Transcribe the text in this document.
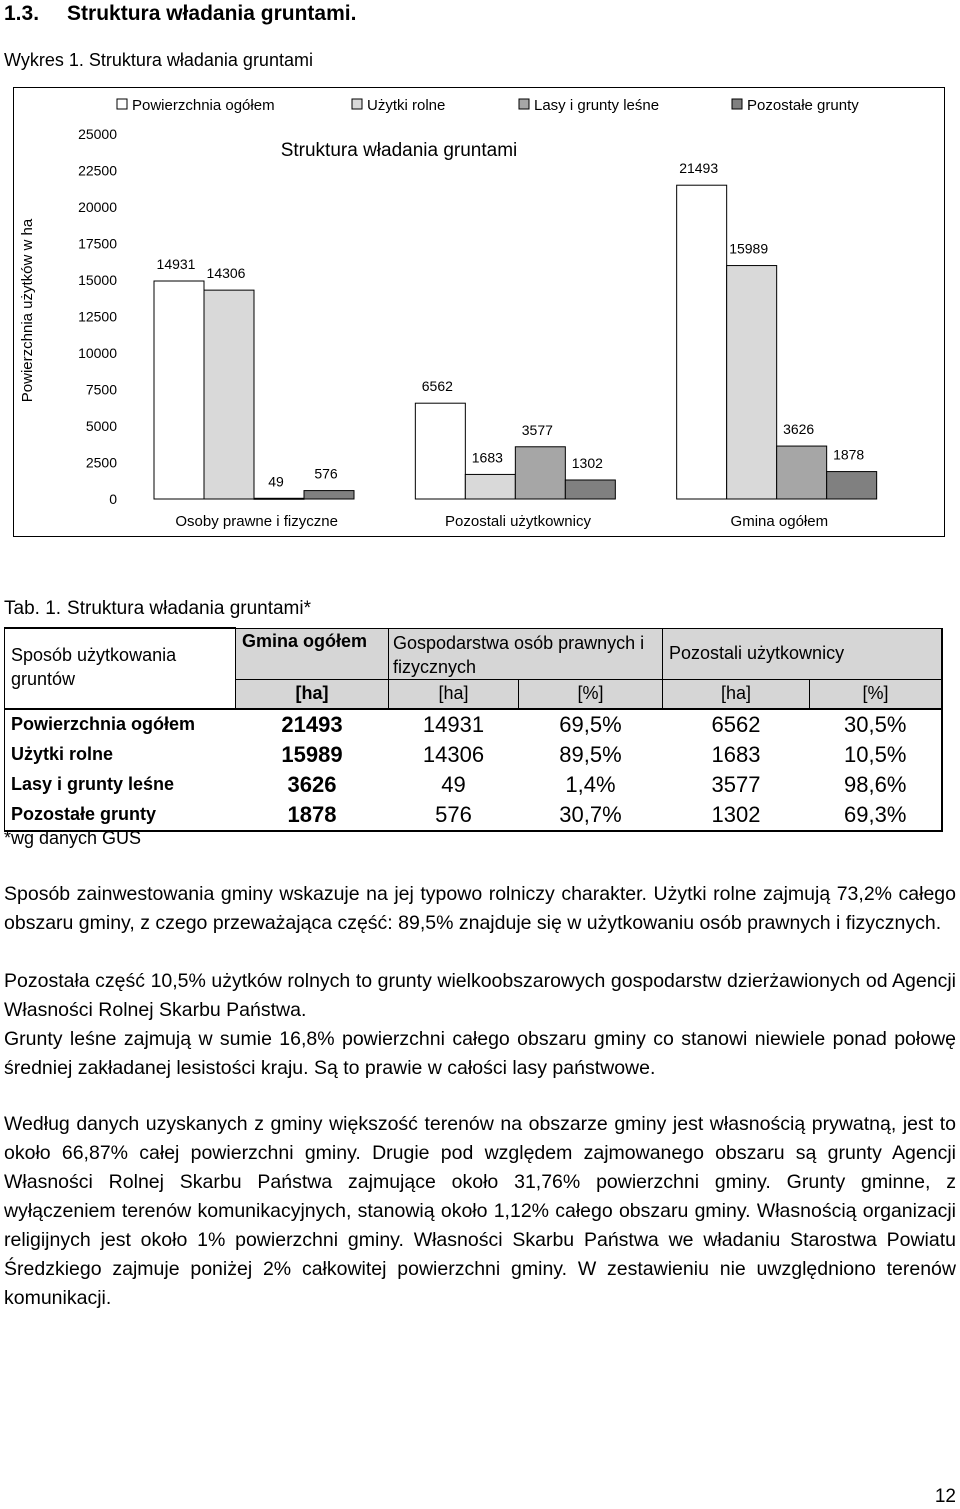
1.3. Struktura władania gruntami.

Wykres 1. Struktura władania gruntami

0
2500
5000
7500
10000
12500
15000
17500
20000
22500
25000
Powierzchnia użytków w ha	14931
14306
49 576
Osoby prawne i fizyczne
6562
1683
3577
1302
Pozostali użytkownicy
21493
15989
3626
1878
Gmina ogółem
Struktura władania gruntami
Powierzchnia ogółem	Użytki rolne	Lasy i grunty leśne	Pozostałe grunty

Tab. 1. Struktura władania gruntami*

Sposób użytkowania gruntów	Gmina ogółem	Gospodarstwa osób prawnych i fizycznych		Pozostali użytkownicy	
	[ha]	[ha]	[%]	[ha]	[%]
Powierzchnia ogółem	21493	14931	69,5%	6562	30,5%
Użytki rolne	15989	14306	89,5%	1683	10,5%
Lasy i grunty leśne	3626	49	1,4%	3577	98,6%
Pozostałe grunty	1878	576	30,7%	1302	69,3%

*wg danych GUS

Sposób zainwestowania gminy wskazuje na jej typowo rolniczy charakter. Użytki rolne zajmują 73,2% całego obszaru gminy, z czego przeważająca część: 89,5% znajduje się w użytkowaniu osób prawnych i fizycznych.

Pozostała część 10,5% użytków rolnych to grunty wielkoobszarowych gospodarstw dzierżawionych od Agencji Własności Rolnej Skarbu Państwa.

Grunty leśne zajmują w sumie 16,8% powierzchni całego obszaru gminy co stanowi niewiele ponad połowę średniej zakładanej lesistości kraju. Są to prawie w całości lasy państwowe.

Według danych uzyskanych z gminy większość terenów na obszarze gminy jest własnością prywatną, jest to około 66,87% całej powierzchni gminy. Drugie pod względem zajmowanego obszaru są grunty Agencji Własności Rolnej Skarbu Państwa zajmujące około 31,76% powierzchni gminy. Grunty gminne, z wyłączeniem terenów komunikacyjnych, stanowią około 1,12% całego obszaru gminy. Własnością organizacji religijnych jest około 1% powierzchni gminy. Własności Skarbu Państwa we władaniu Starostwa Powiatu Średzkiego zajmuje poniżej 2% całkowitej powierzchni gminy. W zestawieniu nie uwzględniono terenów komunikacji.

12
